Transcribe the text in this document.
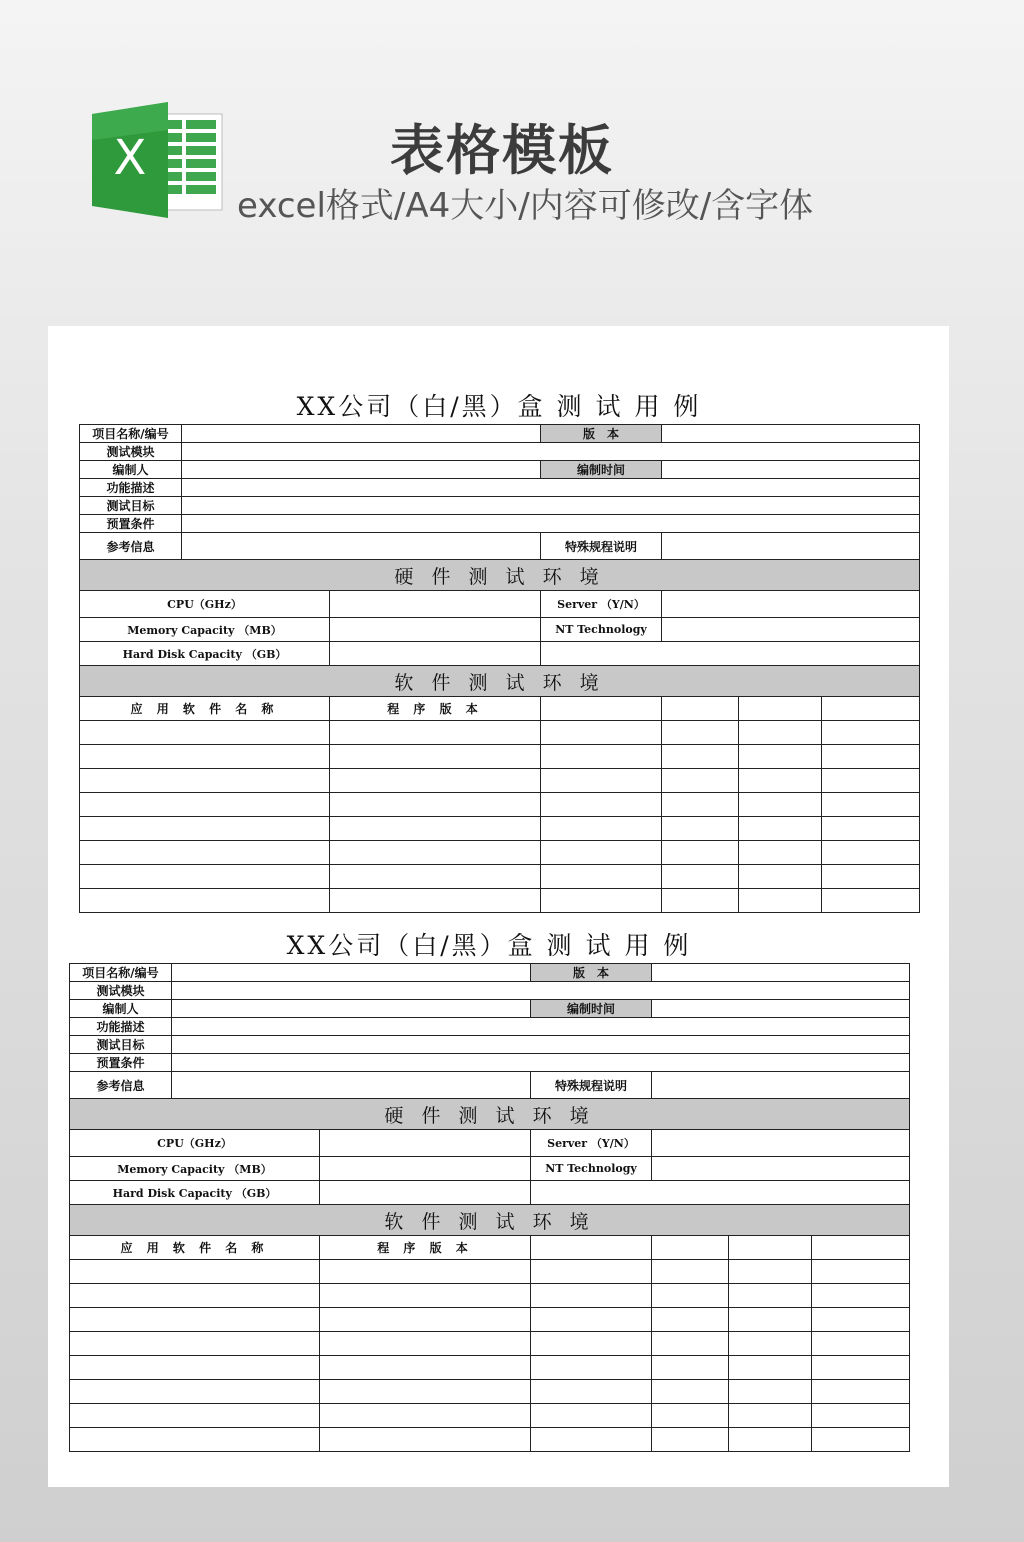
X	表格模板
excel格式/A4大小/内容可修改/含字体
XX公司（白/黑）盒 测 试 用 例
项目名称/编号			版　本			
测试模块						
编制人			编制时间			
功能描述						
测试目标						
预置条件						
参考信息			特殊规程说明			
硬 件 测 试 环 境						
CPU（GHz）			Server （Y/N）			
Memory Capacity （MB）			NT Technology			
Hard Disk Capacity （GB）						
软 件 测 试 环 境						
应 用 软 件 名 称		程 序 版 本				

XX公司（白/黑）盒 测 试 用 例
项目名称/编号			版　本			
测试模块						
编制人			编制时间			
功能描述						
测试目标						
预置条件						
参考信息			特殊规程说明			
硬 件 测 试 环 境						
CPU（GHz）			Server （Y/N）			
Memory Capacity （MB）			NT Technology			
Hard Disk Capacity （GB）						
软 件 测 试 环 境						
应 用 软 件 名 称		程 序 版 本				
